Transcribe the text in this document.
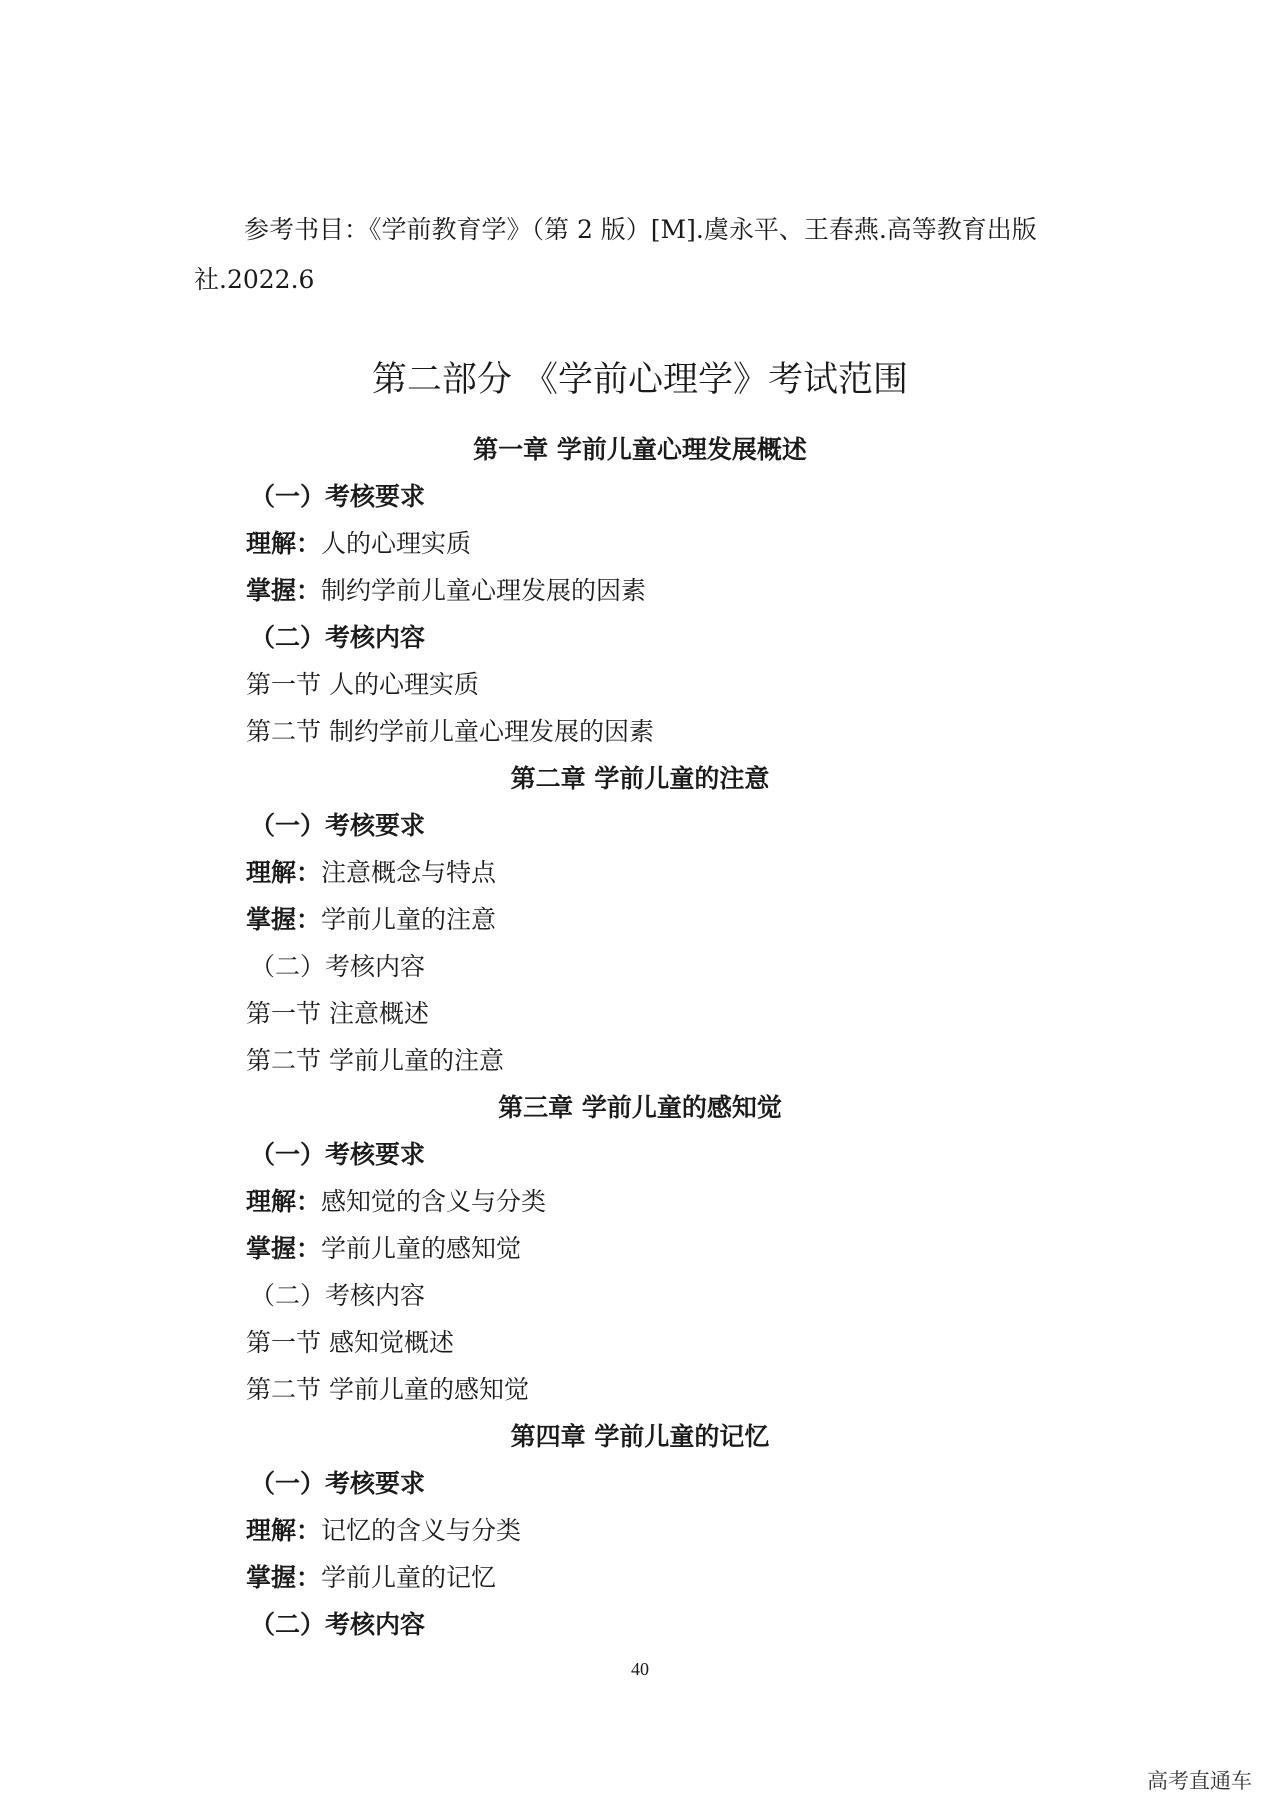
参考书目：《学前教育学》（第 2 版）[M].虞永平、王春燕.高等教育出版社.2022.6

第二部分 《学前心理学》考试范围

第一章 学前儿童心理发展概述

（一）考核要求

理解：人的心理实质

掌握：制约学前儿童心理发展的因素

（二）考核内容

第一节 人的心理实质

第二节 制约学前儿童心理发展的因素

第二章 学前儿童的注意

（一）考核要求

理解：注意概念与特点

掌握：学前儿童的注意

（二）考核内容

第一节 注意概述

第二节 学前儿童的注意

第三章 学前儿童的感知觉

（一）考核要求

理解：感知觉的含义与分类

掌握：学前儿童的感知觉

（二）考核内容

第一节 感知觉概述

第二节 学前儿童的感知觉

第四章 学前儿童的记忆

（一）考核要求

理解：记忆的含义与分类

掌握：学前儿童的记忆

（二）考核内容

40
高考直通车
